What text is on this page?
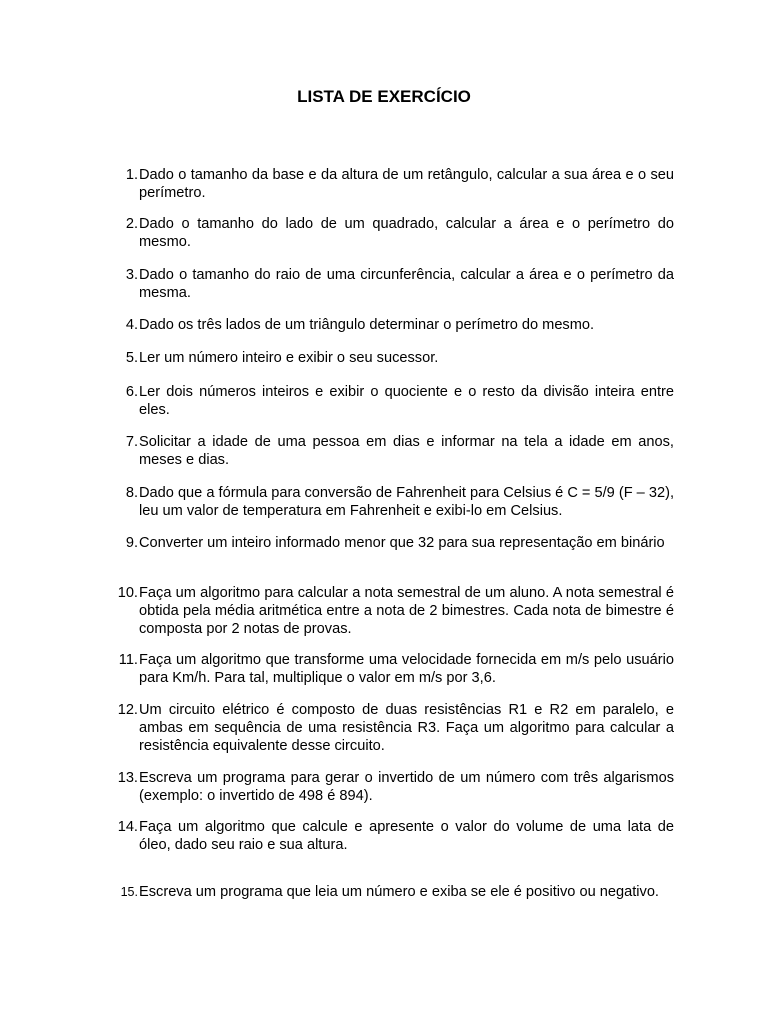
LISTA DE EXERCÍCIO
1. Dado o tamanho da base e da altura de um retângulo, calcular a sua área e o seu perímetro.
2. Dado o tamanho do lado de um quadrado, calcular a área e o perímetro do mesmo.
3. Dado o tamanho do raio de uma circunferência, calcular a área e o perímetro da mesma.
4. Dado os três lados de um triângulo determinar o perímetro do mesmo.
5. Ler um número inteiro e exibir o seu sucessor.
6. Ler dois números inteiros e exibir o quociente e o resto da divisão inteira entre eles.
7. Solicitar a idade de uma pessoa em dias e informar na tela a idade em anos, meses e dias.
8. Dado que a fórmula para conversão de Fahrenheit para Celsius é C = 5/9 (F – 32), leu um valor de temperatura em Fahrenheit e exibi-lo em Celsius.
9. Converter um inteiro informado menor que 32 para sua representação em binário
10. Faça um algoritmo para calcular a nota semestral de um aluno. A nota semestral é obtida pela média aritmética entre a nota de 2 bimestres. Cada nota de bimestre é composta por 2 notas de provas.
11. Faça um algoritmo que transforme uma velocidade fornecida em m/s pelo usuário para Km/h. Para tal, multiplique o valor em m/s por 3,6.
12. Um circuito elétrico é composto de duas resistências R1 e R2 em paralelo, e ambas em sequência de uma resistência R3. Faça um algoritmo para calcular a resistência equivalente desse circuito.
13. Escreva um programa para gerar o invertido de um número com três algarismos (exemplo: o invertido de 498 é 894).
14. Faça um algoritmo que calcule e apresente o valor do volume de uma lata de óleo, dado seu raio e sua altura.
15. Escreva um programa que leia um número e exiba se ele é positivo ou negativo.
